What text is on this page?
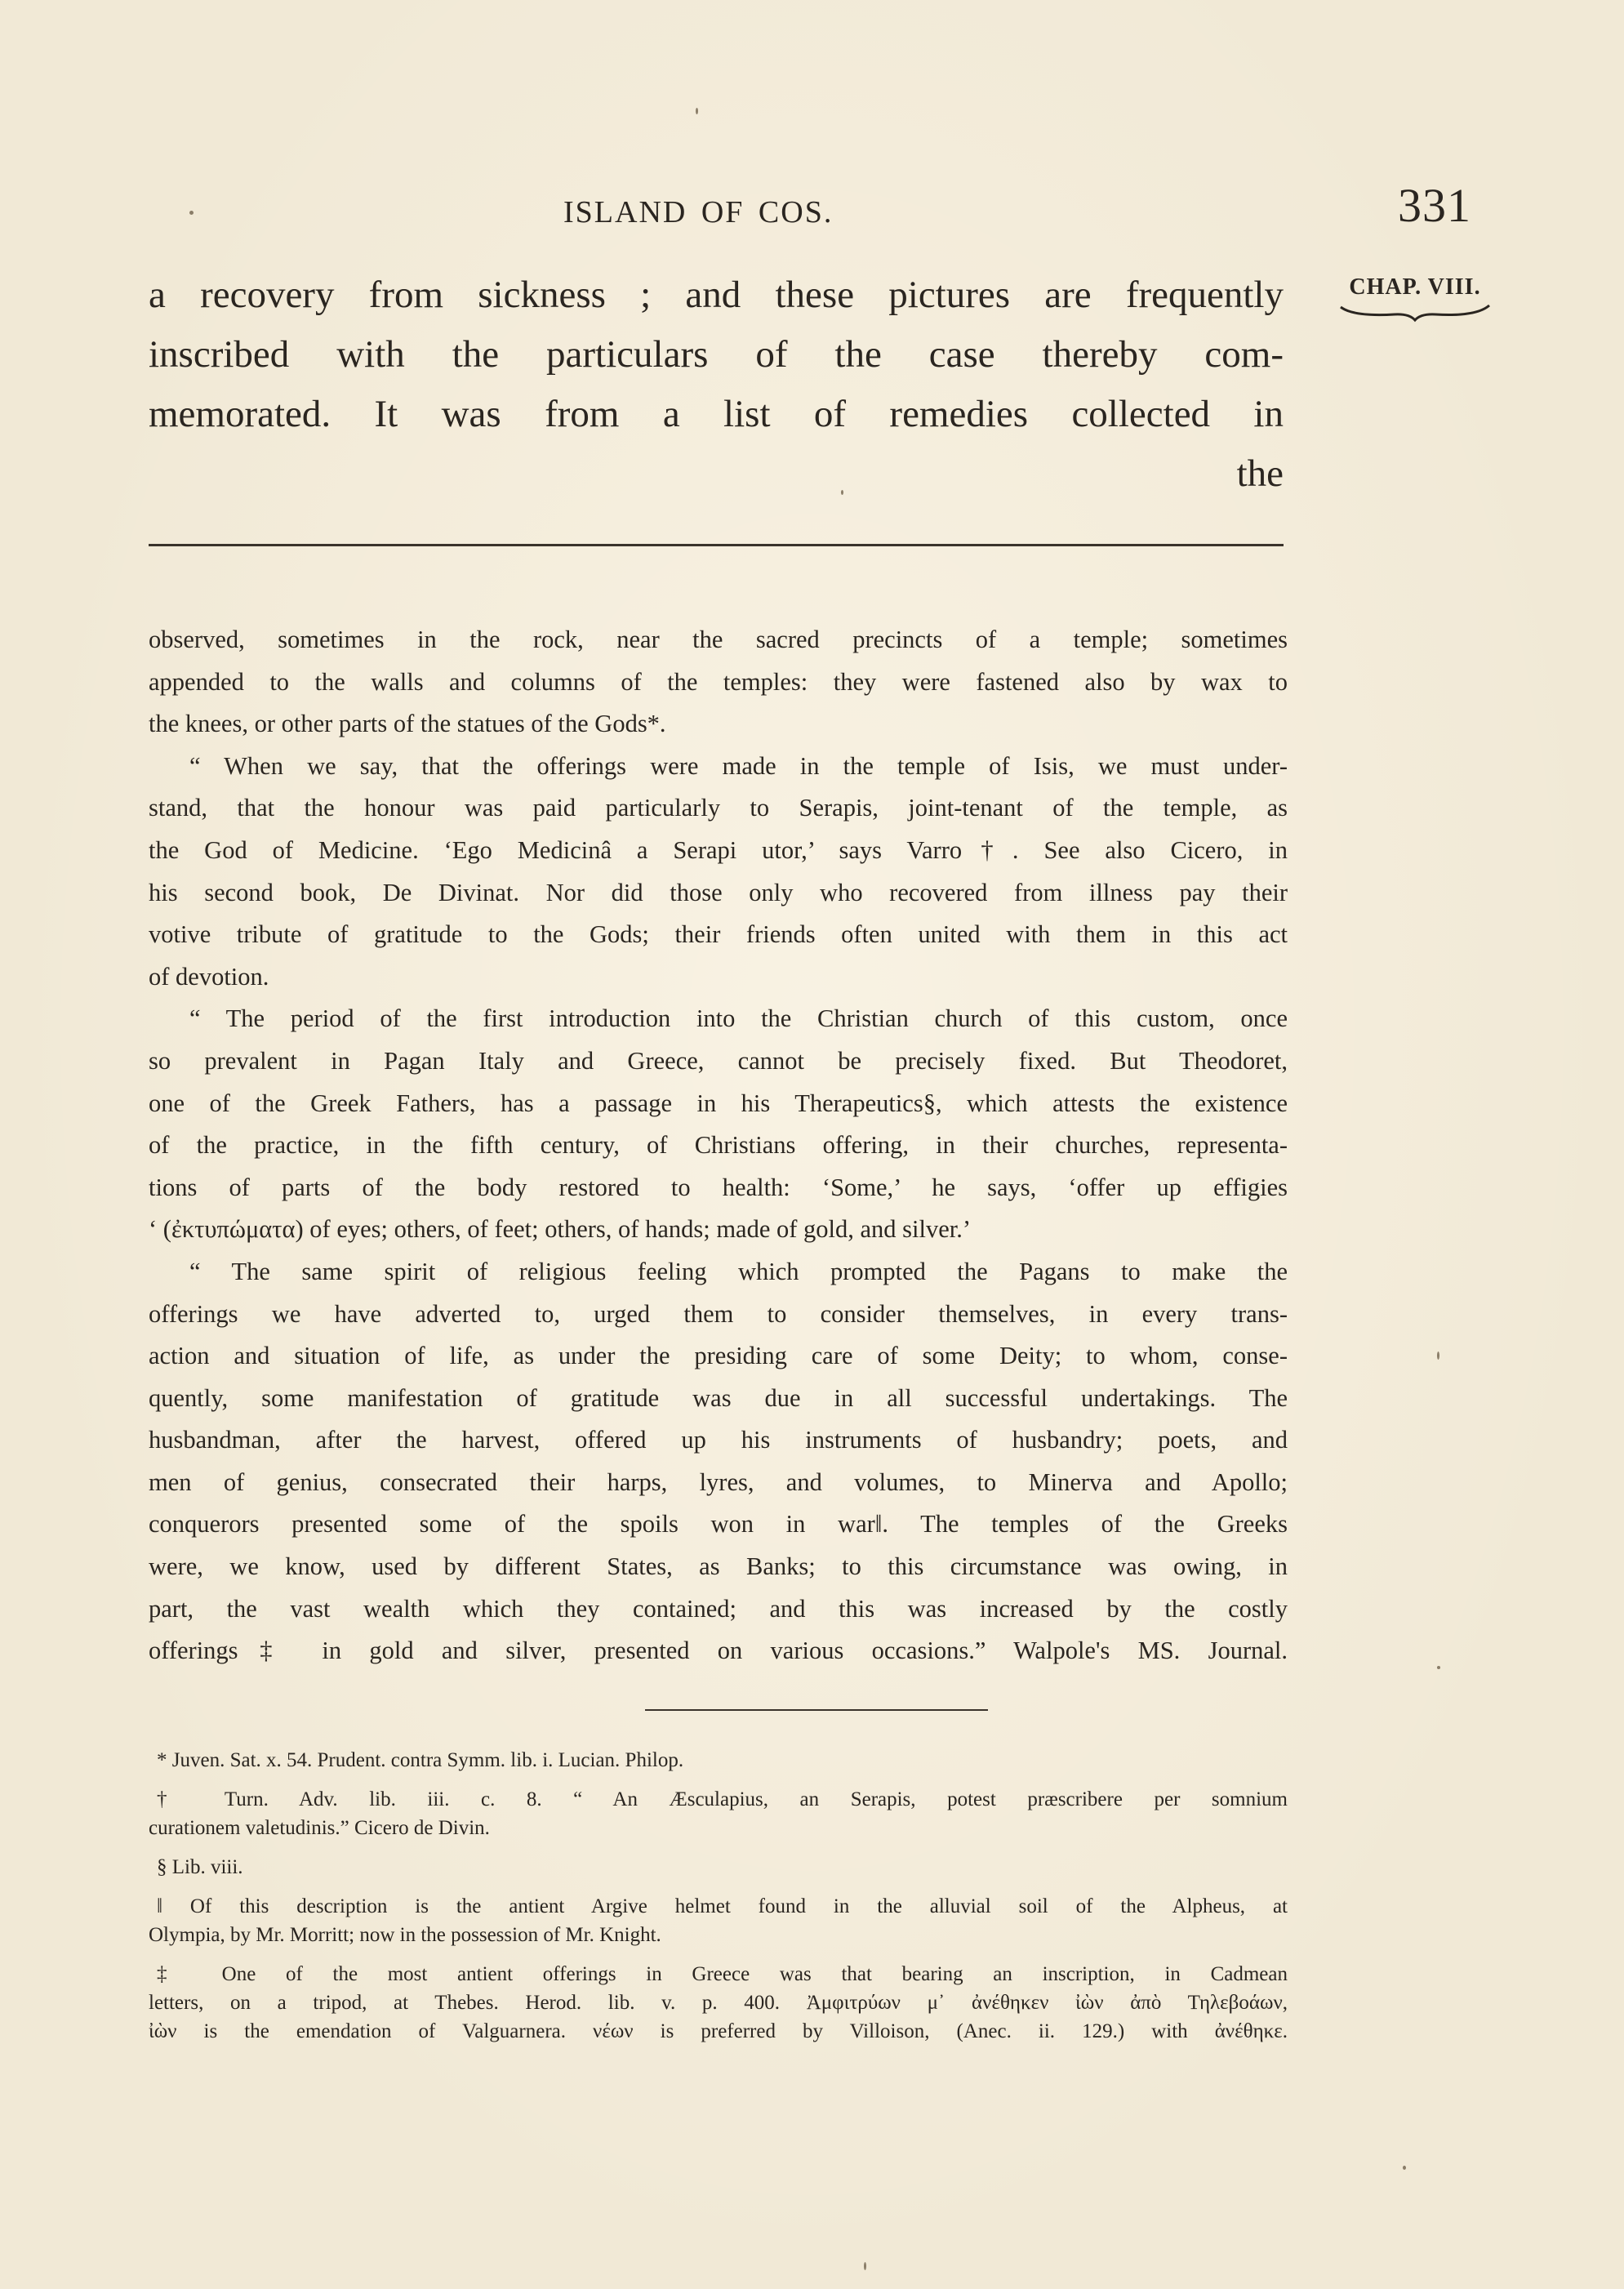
ISLAND OF COS.	331
CHAP. VIII.
a recovery from sickness ; and these pictures are frequently
inscribed with the particulars of the case thereby com-
memorated. It was from a list of remedies collected in
the
observed, sometimes in the rock, near the sacred precincts of a temple; sometimes
appended to the walls and columns of the temples: they were fastened also by wax to
the knees, or other parts of the statues of the Gods*.
“ When we say, that the offerings were made in the temple of Isis, we must under-
stand, that the honour was paid particularly to Serapis, joint-tenant of the temple, as
the God of Medicine. ‘Ego Medicinâ a Serapi utor,’ says Varro†. See also Cicero, in
his second book, De Divinat. Nor did those only who recovered from illness pay their
votive tribute of gratitude to the Gods; their friends often united with them in this act
of devotion.
“ The period of the first introduction into the Christian church of this custom, once
so prevalent in Pagan Italy and Greece, cannot be precisely fixed. But Theodoret,
one of the Greek Fathers, has a passage in his Therapeutics§, which attests the existence
of the practice, in the fifth century, of Christians offering, in their churches, representa-
tions of parts of the body restored to health: ‘Some,’ he says, ‘offer up effigies
‘ (ἐκτυπώματα) of eyes; others, of feet; others, of hands; made of gold, and silver.’
“ The same spirit of religious feeling which prompted the Pagans to make the
offerings we have adverted to, urged them to consider themselves, in every trans-
action and situation of life, as under the presiding care of some Deity; to whom, conse-
quently, some manifestation of gratitude was due in all successful undertakings. The
husbandman, after the harvest, offered up his instruments of husbandry; poets, and
men of genius, consecrated their harps, lyres, and volumes, to Minerva and Apollo;
conquerors presented some of the spoils won in war‖. The temples of the Greeks
were, we know, used by different States, as Banks; to this circumstance was owing, in
part, the vast wealth which they contained; and this was increased by the costly
offerings‡ in gold and silver, presented on various occasions.” Walpole's MS. Journal.
* Juven. Sat. x. 54. Prudent. contra Symm. lib. i. Lucian. Philop.
† Turn. Adv. lib. iii. c. 8. “ An Æsculapius, an Serapis, potest præscribere per somnium
curationem valetudinis.” Cicero de Divin.
§ Lib. viii.
‖ Of this description is the antient Argive helmet found in the alluvial soil of the Alpheus, at
Olympia, by Mr. Morritt; now in the possession of Mr. Knight.
‡ One of the most antient offerings in Greece was that bearing an inscription, in Cadmean
letters, on a tripod, at Thebes. Herod. lib. v. p. 400. Ἀμφιτρύων μ᾽ ἀνέθηκεν ἰὼν ἀπὸ Τηλεβοάων,
ἰὼν is the emendation of Valguarnera. νέων is preferred by Villoison, (Anec. ii. 129.) with ἀνέθηκε.
